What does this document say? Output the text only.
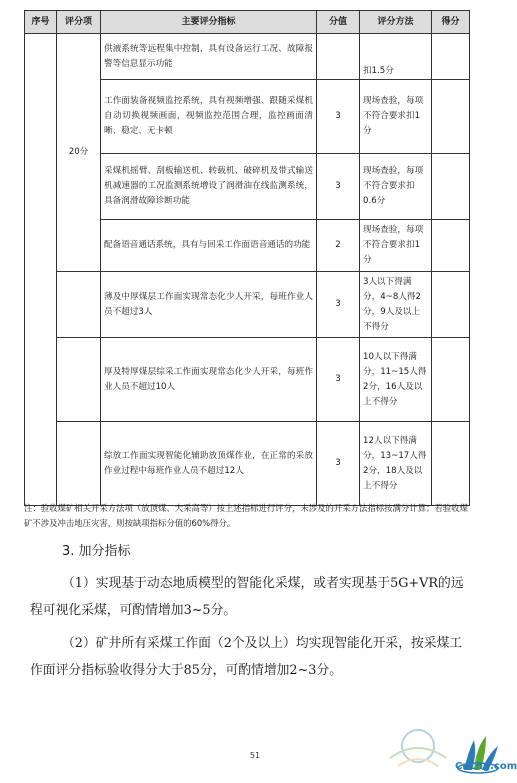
序号	评分项	主要评分指标	分值	评分方法	得分
	20分	供液系统等远程集中控制，具有设备运行工况、故障报警等信息显示功能		扣1.5分	
		工作面装备视频监控系统，具有视频增强、跟随采煤机自动切换视频画面，视频监控范围合理，监控画面清晰、稳定、无卡顿	3	现场查验，每项不符合要求扣1分	
		采煤机摇臂、刮板输送机、转载机、破碎机及带式输送机减速器的工况监测系统增设了润滑油在线监测系统，具备润滑故障诊断功能	3	现场查验，每项不符合要求扣0.6分	
		配备语音通话系统，具有与回采工作面语音通话的功能	2	现场查验，每项不符合要求扣1分	
		薄及中厚煤层工作面实现常态化少人开采，每班作业人员不超过3人	3	3人以下得满分，4~8人得2分，9人及以上不得分	
		厚及特厚煤层综采工作面实现常态化少人开采，每班作业人员不超过10人	3	10人以下得满分，11~15人得2分，16人及以上不得分	
		综放工作面实现智能化辅助放顶煤作业，在正常的采放作业过程中每班作业人员不超过12人	3	12人以下得满分，13~17人得2分，18人及以上不得分	
注：验收煤矿相关开采方法项（放顶煤、大采高等）按上述指标进行评分，未涉及的开采方法指标按满分计算；若验收煤矿不涉及冲击地压灾害，则按缺项指标分值的60%得分。
3. 加分指标
（1）实现基于动态地质模型的智能化采煤，或者实现基于5G+VR的远程可视化采煤，可酌情增加3~5分。
（2）矿井所有采煤工作面（2个及以上）均实现智能化开采，按采煤工作面评分指标验收得分大于85分，可酌情增加2~3分。
51
CnLng.com
